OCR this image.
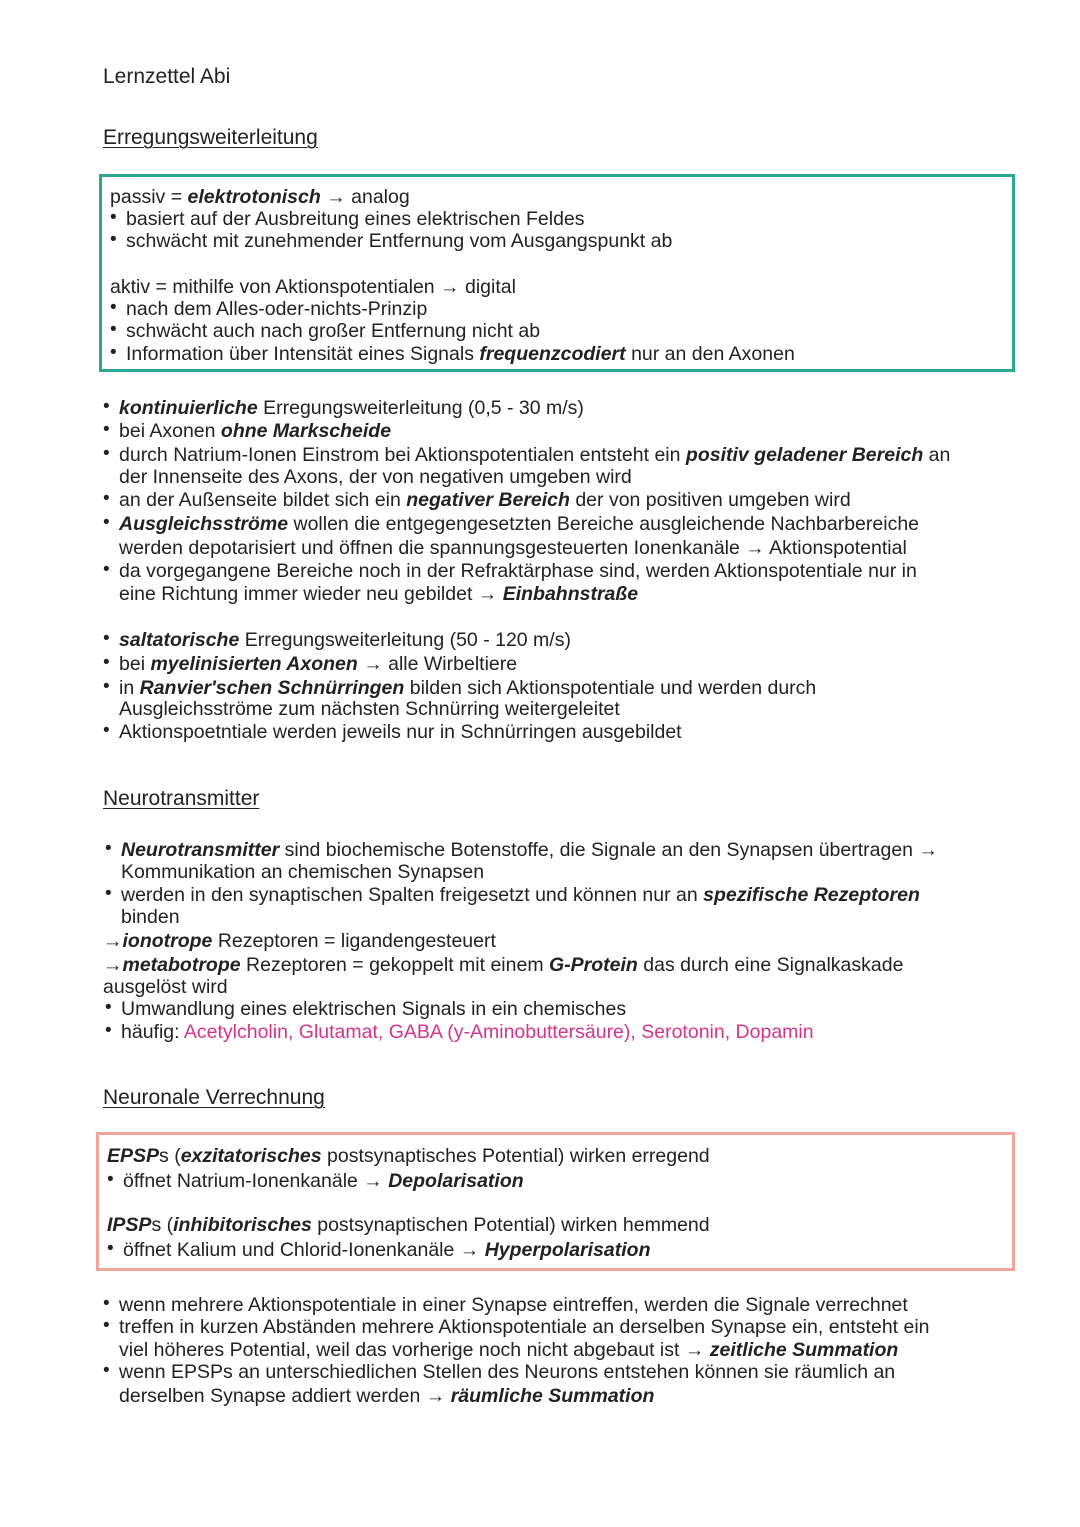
Lernzettel Abi
Erregungsweiterleitung
passiv = elektrotonisch → analog
• basiert auf der Ausbreitung eines elektrischen Feldes
• schwächt mit zunehmender Entfernung vom Ausgangspunkt ab
aktiv = mithilfe von Aktionspotentialen → digital
• nach dem Alles-oder-nichts-Prinzip
• schwächt auch nach großer Entfernung nicht ab
• Information über Intensität eines Signals frequenzcodiert nur an den Axonen
• kontinuierliche Erregungsweiterleitung (0,5 - 30 m/s)
• bei Axonen ohne Markscheide
• durch Natrium-Ionen Einstrom bei Aktionspotentialen entsteht ein positiv geladener Bereich an
der Innenseite des Axons, der von negativen umgeben wird
• an der Außenseite bildet sich ein negativer Bereich der von positiven umgeben wird
• Ausgleichsströme wollen die entgegengesetzten Bereiche ausgleichende Nachbarbereiche
werden depotarisiert und öffnen die spannungsgesteuerten Ionenkanäle → Aktionspotential
• da vorgegangene Bereiche noch in der Refraktärphase sind, werden Aktionspotentiale nur in
eine Richtung immer wieder neu gebildet → Einbahnstraße
• saltatorische Erregungsweiterleitung (50 - 120 m/s)
• bei myelinisierten Axonen → alle Wirbeltiere
• in Ranvier'schen Schnürringen bilden sich Aktionspotentiale und werden durch
Ausgleichsströme zum nächsten Schnürring weitergeleitet
• Aktionspoetntiale werden jeweils nur in Schnürringen ausgebildet
Neurotransmitter
• Neurotransmitter sind biochemische Botenstoffe, die Signale an den Synapsen übertragen →
Kommunikation an chemischen Synapsen
• werden in den synaptischen Spalten freigesetzt und können nur an spezifische Rezeptoren
binden
→ionotrope Rezeptoren = ligandengesteuert
→metabotrope Rezeptoren = gekoppelt mit einem G-Protein das durch eine Signalkaskade
ausgelöst wird
• Umwandlung eines elektrischen Signals in ein chemisches
• häufig: Acetylcholin, Glutamat, GABA (y-Aminobuttersäure), Serotonin, Dopamin
Neuronale Verrechnung
EPSPs (exzitatorisches postsynaptisches Potential) wirken erregend
• öffnet Natrium-Ionenkanäle → Depolarisation
IPSPs (inhibitorisches postsynaptischen Potential) wirken hemmend
• öffnet Kalium und Chlorid-Ionenkanäle → Hyperpolarisation
• wenn mehrere Aktionspotentiale in einer Synapse eintreffen, werden die Signale verrechnet
• treffen in kurzen Abständen mehrere Aktionspotentiale an derselben Synapse ein, entsteht ein
viel höheres Potential, weil das vorherige noch nicht abgebaut ist → zeitliche Summation
• wenn EPSPs an unterschiedlichen Stellen des Neurons entstehen können sie räumlich an
derselben Synapse addiert werden → räumliche Summation
